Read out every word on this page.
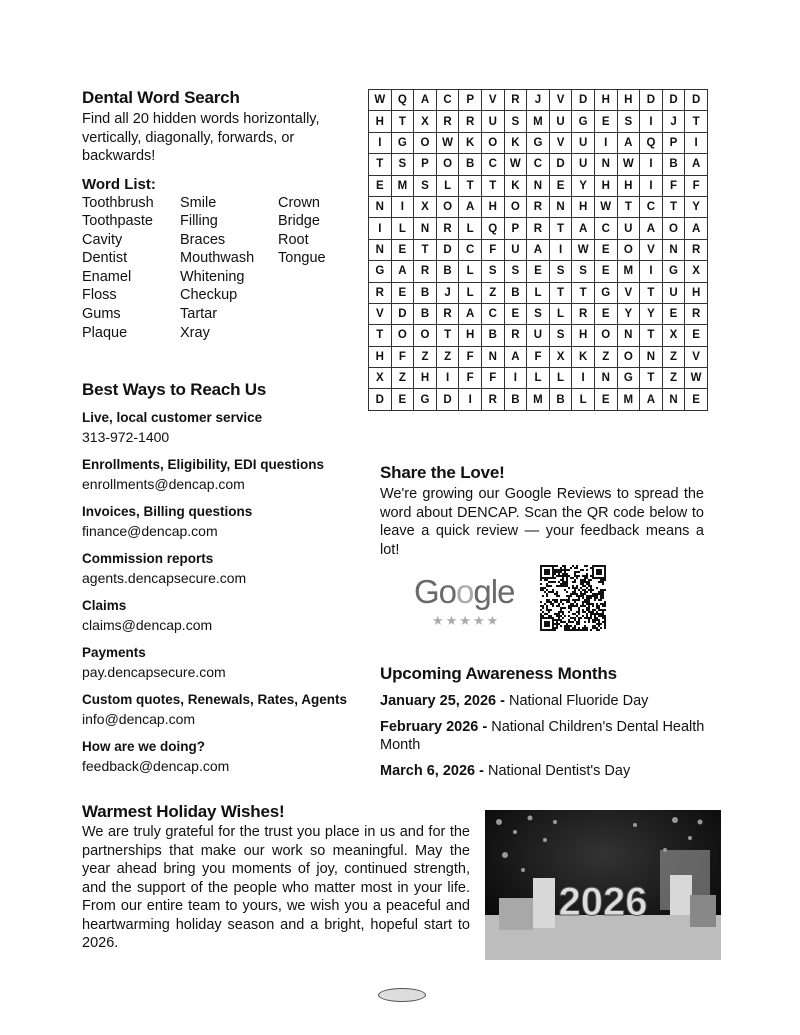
Dental Word Search
Find all 20 hidden words horizontally, vertically, diagonally, forwards, or backwards!
Word List:
Toothbrush	Smile	Crown
Toothpaste	Filling	Bridge
Cavity	Braces	Root
Dentist	Mouthwash	Tongue
Enamel	Whitening
Floss	Checkup
Gums	Tartar
Plaque	Xray
W	Q	A	C	P	V	R	J	V	D	H	H	D	D	D
H	T	X	R	R	U	S	M	U	G	E	S	I	J	T
I	G	O	W	K	O	K	G	V	U	I	A	Q	P	I
T	S	P	O	B	C	W	C	D	U	N	W	I	B	A
E	M	S	L	T	T	K	N	E	Y	H	H	I	F	F
N	I	X	O	A	H	O	R	N	H	W	T	C	T	Y
I	L	N	R	L	Q	P	R	T	A	C	U	A	O	A
N	E	T	D	C	F	U	A	I	W	E	O	V	N	R
G	A	R	B	L	S	S	E	S	S	E	M	I	G	X
R	E	B	J	L	Z	B	L	T	T	G	V	T	U	H
V	D	B	R	A	C	E	S	L	R	E	Y	Y	E	R
T	O	O	T	H	B	R	U	S	H	O	N	T	X	E
H	F	Z	Z	F	N	A	F	X	K	Z	O	N	Z	V
X	Z	H	I	F	F	I	L	L	I	N	G	T	Z	W
D	E	G	D	I	R	B	M	B	L	E	M	A	N	E
Best Ways to Reach Us
Live, local customer service
313-972-1400
Enrollments, Eligibility, EDI questions
enrollments@dencap.com
Invoices, Billing questions
finance@dencap.com
Commission reports
agents.dencapsecure.com
Claims
claims@dencap.com
Payments
pay.dencapsecure.com
Custom quotes, Renewals, Rates, Agents
info@dencap.com
How are we doing?
feedback@dencap.com
Share the Love!

We're growing our Google Reviews to spread the word about DENCAP. Scan the QR code below to leave a quick review — your feedback means a lot!

Google
★★★★★
Upcoming Awareness Months
January 25, 2026 - National Fluoride Day
February 2026 - National Children's Dental Health Month
March 6, 2026 - National Dentist's Day
Warmest Holiday Wishes!

We are truly grateful for the trust you place in us and for the partnerships that make our work so meaningful. May the year ahead bring you moments of joy, continued strength, and the support of the people who matter most in your life. From our entire team to yours, we wish you a peaceful and heartwarming holiday season and a bright, hopeful start to 2026.

2026
